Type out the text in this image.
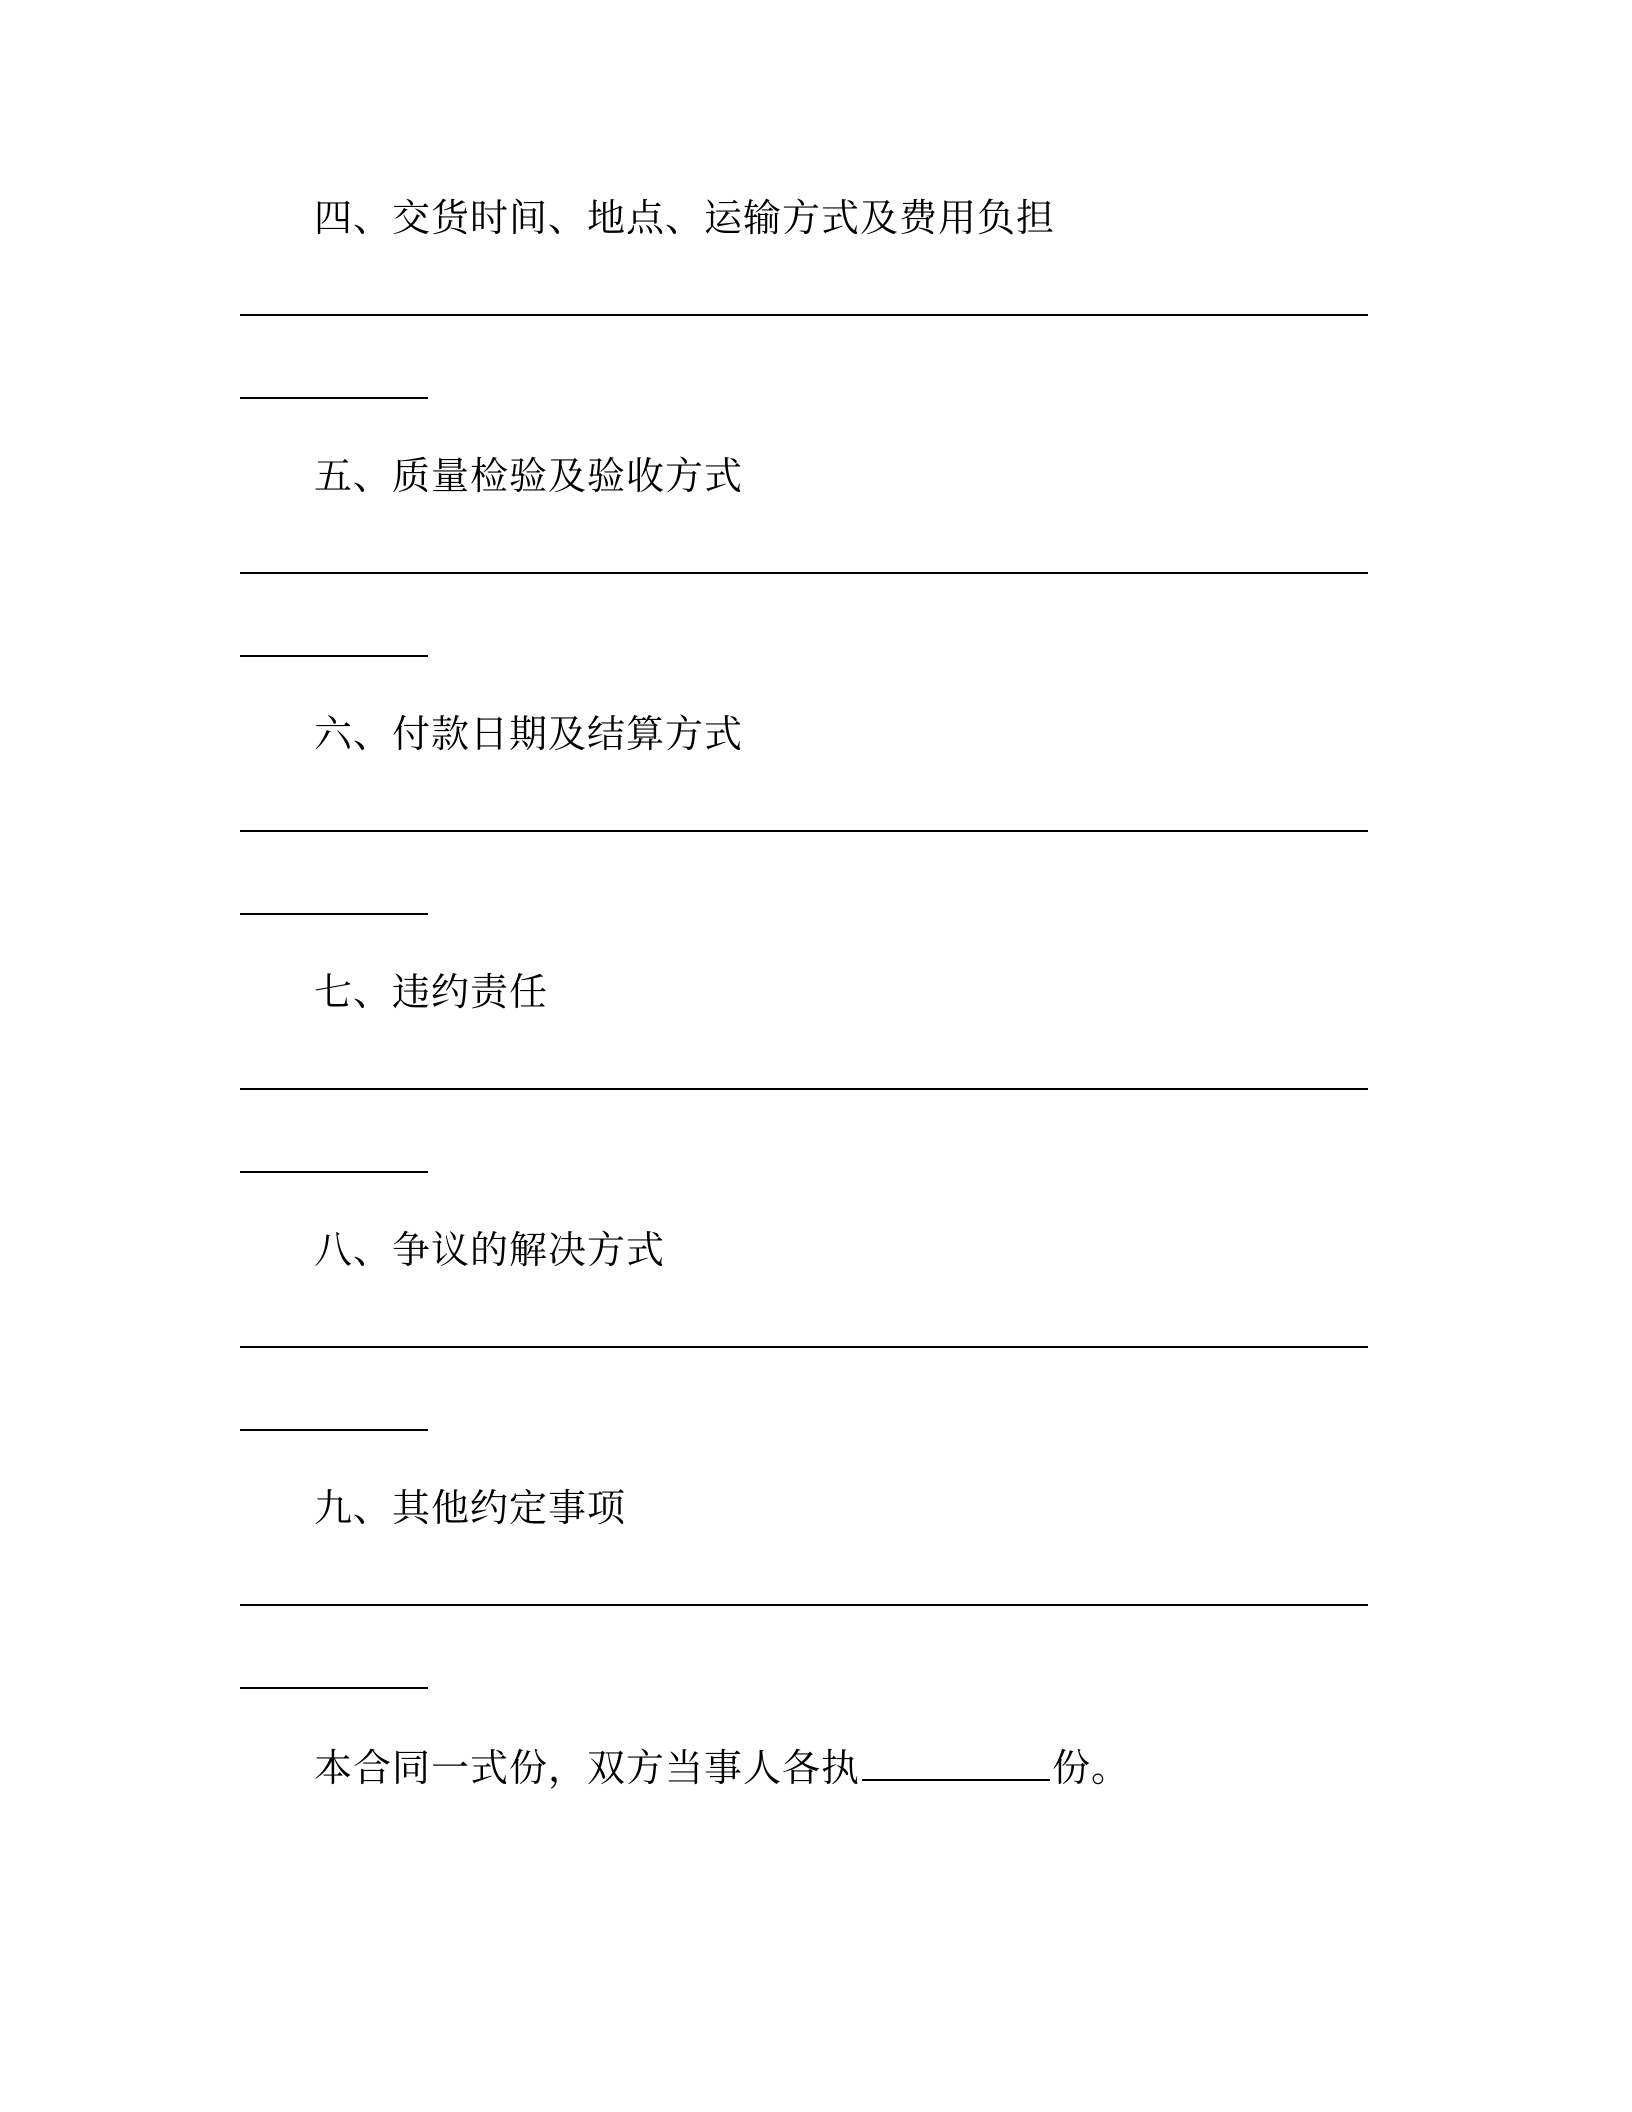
四、交货时间、地点、运输方式及费用负担
五、质量检验及验收方式
六、付款日期及结算方式
七、违约责任
八、争议的解决方式
九、其他约定事项
本合同一式份，双方当事人各执	份。
